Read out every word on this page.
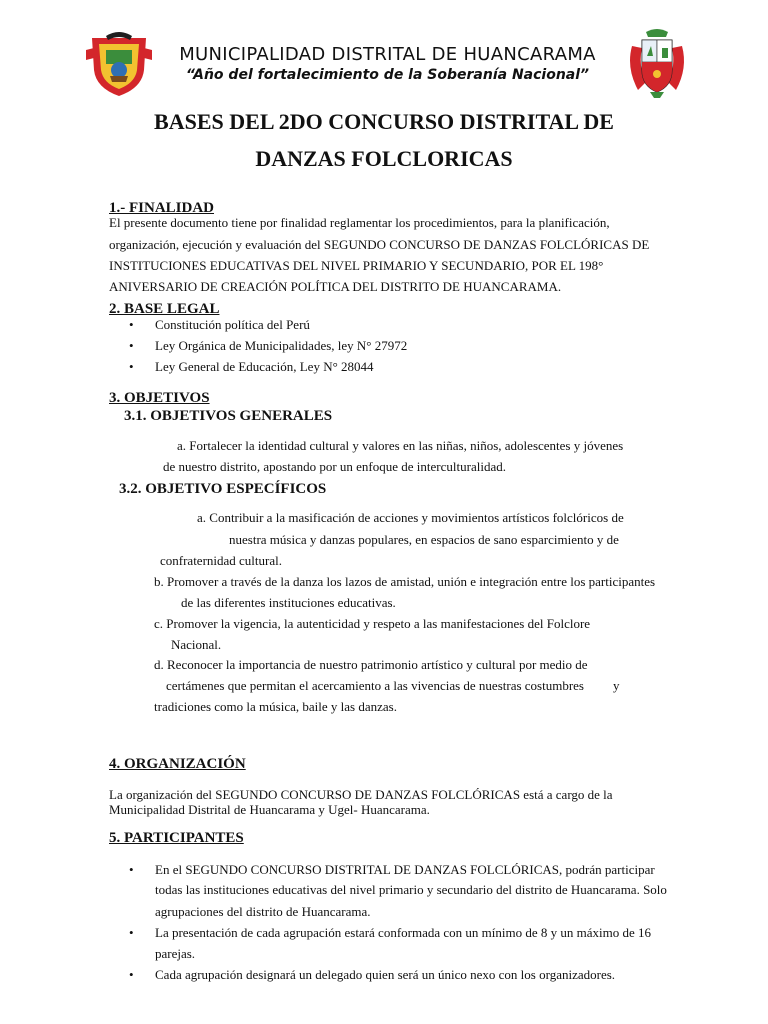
MUNICIPALIDAD DISTRITAL DE HUANCARAMA
“Año del fortalecimiento de la Soberanía Nacional”
BASES DEL 2DO CONCURSO DISTRITAL DE
DANZAS FOLCLORICAS
1.- FINALIDAD
El presente documento tiene por finalidad reglamentar los procedimientos, para la planificación,
organización, ejecución y evaluación del SEGUNDO CONCURSO DE DANZAS FOLCLÓRICAS DE
INSTITUCIONES EDUCATIVAS DEL NIVEL PRIMARIO Y SECUNDARIO, POR EL 198°
ANIVERSARIO DE CREACIÓN POLÍTICA DEL DISTRITO DE HUANCARAMA.
2. BASE LEGAL
• Constitución política del Perú
• Ley Orgánica de Municipalidades, ley N° 27972
• Ley General de Educación, Ley N° 28044
3. OBJETIVOS
3.1. OBJETIVOS GENERALES
a. Fortalecer la identidad cultural y valores en las niñas, niños, adolescentes y jóvenes
de nuestro distrito, apostando por un enfoque de interculturalidad.
3.2. OBJETIVO ESPECÍFICOS
a. Contribuir a la masificación de acciones y movimientos artísticos folclóricos de
nuestra música y danzas populares, en espacios de sano esparcimiento y de
confraternidad cultural.
b. Promover a través de la danza los lazos de amistad, unión e integración entre los participantes
de las diferentes instituciones educativas.
c. Promover la vigencia, la autenticidad y respeto a las manifestaciones del Folclore
Nacional.
d. Reconocer la importancia de nuestro patrimonio artístico y cultural por medio de
certámenes que permitan el acercamiento a las vivencias de nuestras costumbres y
tradiciones como la música, baile y las danzas.
4. ORGANIZACIÓN
La organización del SEGUNDO CONCURSO DE DANZAS FOLCLÓRICAS está a cargo de la
Municipalidad Distrital de Huancarama y Ugel- Huancarama.
5. PARTICIPANTES
• En el SEGUNDO CONCURSO DISTRITAL DE DANZAS FOLCLÓRICAS, podrán participar
todas las instituciones educativas del nivel primario y secundario del distrito de Huancarama. Solo
agrupaciones del distrito de Huancarama.
• La presentación de cada agrupación estará conformada con un mínimo de 8 y un máximo de 16
parejas.
• Cada agrupación designará un delegado quien será un único nexo con los organizadores.
